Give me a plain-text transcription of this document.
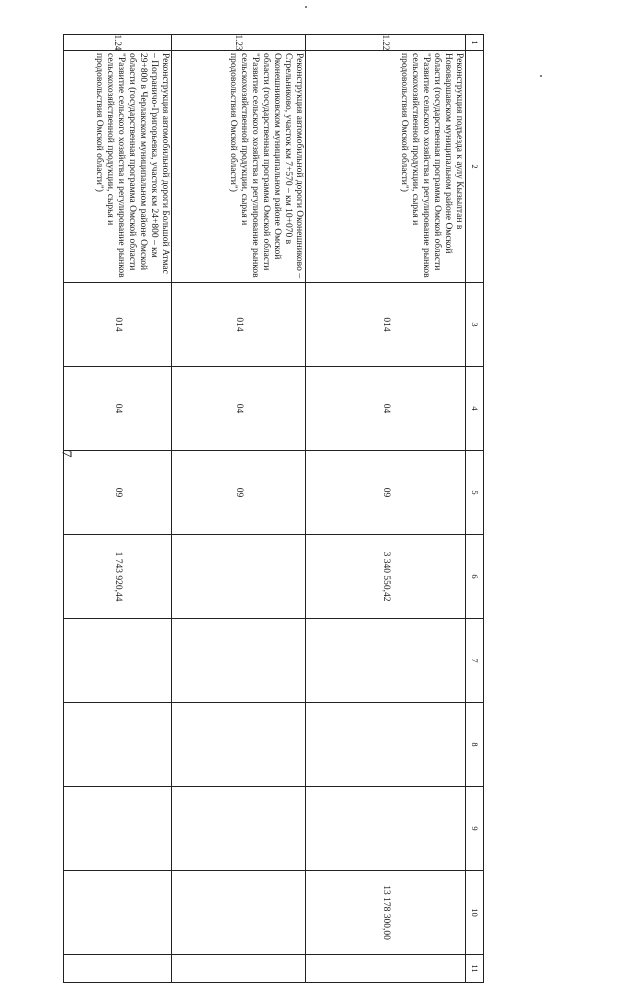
7
1
2
3
4
5
6
7
8
9
10
11
1.22
Реконструкция подъезда к аулу Кызылтан в Нововаршавском муниципальном районе Омской области (государственная программа Омской области "Развитие сельского хозяйства и регулирование рынков сельскохозяйственной продукции, сырья и продовольствия Омской области")
014
04
09
3 340 550,42
13 178 300,00
1.23
Реконструкция автомобильной дороги Оконешниково – Стрельниково, участок км 7+570 – км 10+070 в Оконешниковском муниципальном районе Омской области (государственная программа Омской области "Развитие сельского хозяйства и регулирование рынков сельскохозяйственной продукции, сырья и продовольствия Омской области")
014
04
09
1.24
Реконструкция автомобильной дороги Большой Атмас – Пограничо-Григорьевка, участок км 24+800 – км 29+800 в Черлакском муниципальном районе Омской области (государственная программа Омской области "Развитие сельского хозяйства и регулирование рынков сельскохозяйственной продукции, сырья и продовольствия Омской области")
014
04
09
1 743 920,44
